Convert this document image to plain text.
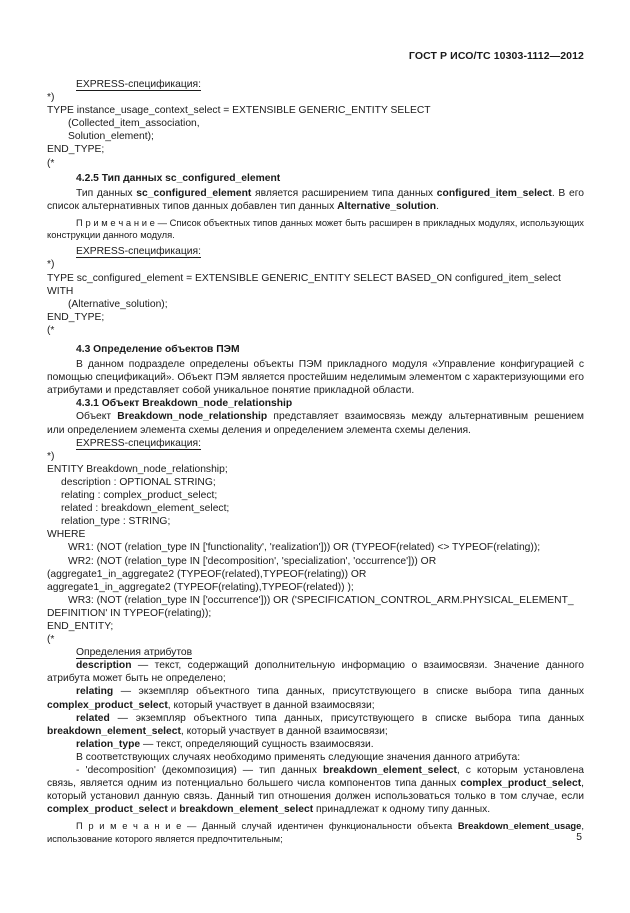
ГОСТ Р ИСО/ТС 10303-1112—2012

EXPRESS-спецификация:

*)

TYPE instance_usage_context_select = EXTENSIBLE GENERIC_ENTITY SELECT

(Collected_item_association,

Solution_element);

END_TYPE;

(*

4.2.5 Тип данных sc_configured_element

Тип данных sc_configured_element является расширением типа данных configured_item_select. В его список альтернативных типов данных добавлен тип данных Alternative_solution.

П р и м е ч а н и е — Список объектных типов данных может быть расширен в прикладных модулях, использующих конструкции данного модуля.

EXPRESS-спецификация:

*)

TYPE sc_configured_element = EXTENSIBLE GENERIC_ENTITY SELECT BASED_ON configured_item_select WITH

(Alternative_solution);

END_TYPE;

(*

4.3 Определение объектов ПЭМ

В данном подразделе определены объекты ПЭМ прикладного модуля «Управление конфигурацией с помощью спецификаций». Объект ПЭМ является простейшим неделимым элементом с характеризующими его атрибутами и представляет собой уникальное понятие прикладной области.

4.3.1 Объект Breakdown_node_relationship

Объект Breakdown_node_relationship представляет взаимосвязь между альтернативным решением или определением элемента схемы деления и определением элемента схемы деления.

EXPRESS-спецификация:

*)

ENTITY Breakdown_node_relationship;

description : OPTIONAL STRING;

relating : complex_product_select;

related : breakdown_element_select;

relation_type : STRING;

WHERE

WR1: (NOT (relation_type IN ['functionality', 'realization'])) OR (TYPEOF(related) <> TYPEOF(relating));

WR2: (NOT (relation_type IN ['decomposition', 'specialization', 'occurrence'])) OR

(aggregate1_in_aggregate2 (TYPEOF(related),TYPEOF(relating)) OR

aggregate1_in_aggregate2 (TYPEOF(relating),TYPEOF(related)) );

WR3: (NOT (relation_type IN ['occurrence'])) OR ('SPECIFICATION_CONTROL_ARM.PHYSICAL_ELEMENT_

DEFINITION' IN TYPEOF(relating));

END_ENTITY;

(*

Определения атрибутов

description — текст, содержащий дополнительную информацию о взаимосвязи. Значение данного атрибута может быть не определено;

relating — экземпляр объектного типа данных, присутствующего в списке выбора типа данных complex_product_select, который участвует в данной взаимосвязи;

related — экземпляр объектного типа данных, присутствующего в списке выбора типа данных breakdown_element_select, который участвует в данной взаимосвязи;

relation_type — текст, определяющий сущность взаимосвязи.

В соответствующих случаях необходимо применять следующие значения данного атрибута:

- 'decomposition' (декомпозиция) — тип данных breakdown_element_select, с которым установлена связь, является одним из потенциально большего числа компонентов типа данных complex_product_select, который установил данную связь. Данный тип отношения должен использоваться только в том случае, если complex_product_select и breakdown_element_select принадлежат к одному типу данных.

П р и м е ч а н и е — Данный случай идентичен функциональности объекта Breakdown_element_usage, использование которого является предпочтительным;	5
